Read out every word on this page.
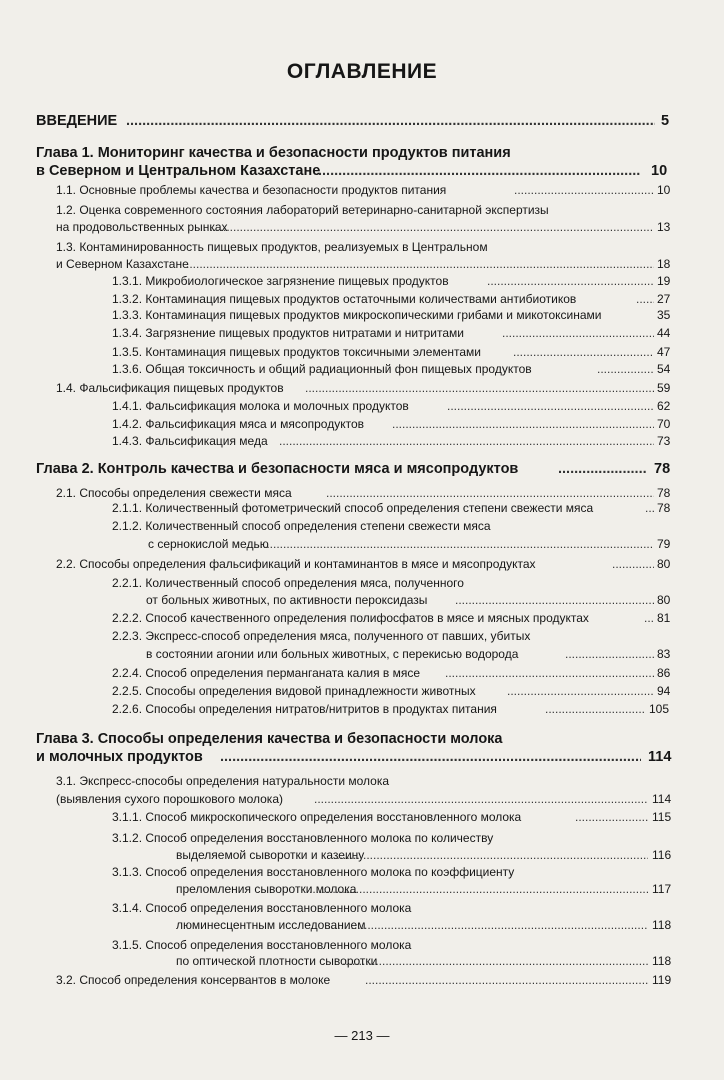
ОГЛАВЛЕНИЕ
ВВЕДЕНИЕ .....	5
Глава 1. Мониторинг качества и безопасности продуктов питания
в Северном и Центральном Казахстане .....	10
1.1. Основные проблемы качества и безопасности продуктов питания .....	10
1.2. Оценка современного состояния лабораторий ветеринарно-санитарной экспертизы
на продовольственных рынках .....	13
1.3. Контаминированность пищевых продуктов, реализуемых в Центральном
и Северном Казахстане .....	18
1.3.1. Микробиологическое загрязнение пищевых продуктов .....	19
1.3.2. Контаминация пищевых продуктов остаточными количествами антибиотиков .....	27
1.3.3. Контаминация пищевых продуктов микроскопическими грибами и микотоксинами	35
1.3.4. Загрязнение пищевых продуктов нитратами и нитритами .....	44
1.3.5. Контаминация пищевых продуктов токсичными элементами .....	47
1.3.6. Общая токсичность и общий радиационный фон пищевых продуктов .....	54
1.4. Фальсификация пищевых продуктов .....	59
1.4.1. Фальсификация молока и молочных продуктов .....	62
1.4.2. Фальсификация мяса и мясопродуктов .....	70
1.4.3. Фальсификация меда .....	73
Глава 2. Контроль качества и безопасности мяса и мясопродуктов .....	78
2.1. Способы определения свежести мяса .....	78
2.1.1. Количественный фотометрический способ определения степени свежести мяса .....	78
2.1.2. Количественный способ определения степени свежести мяса
с сернокислой медью .....	79
2.2. Способы определения фальсификаций и контаминантов в мясе и мясопродуктах .....	80
2.2.1. Количественный способ определения мяса, полученного
от больных животных, по активности пероксидазы .....	80
2.2.2. Способ качественного определения полифосфатов в мясе и мясных продуктах .....	81
2.2.3. Экспресс-способ определения мяса, полученного от павших, убитых
в состоянии агонии или больных животных, с перекисью водорода .....	83
2.2.4. Способ определения перманганата калия в мясе .....	86
2.2.5. Способы определения видовой принадлежности животных .....	94
2.2.6. Способы определения нитратов/нитритов в продуктах питания .....	105
Глава 3. Способы определения качества и безопасности молока
и молочных продуктов .....	114
3.1. Экспресс-способы определения натуральности молока
(выявления сухого порошкового молока) .....	114
3.1.1. Способ микроскопического определения восстановленного молока .....	115
3.1.2. Способ определения восстановленного молока по количеству
выделяемой сыворотки и казеину .....	116
3.1.3. Способ определения восстановленного молока по коэффициенту
преломления сыворотки молока .....	117
3.1.4. Способ определения восстановленного молока
люминесцентным исследованием .....	118
3.1.5. Способ определения восстановленного молока
по оптической плотности сыворотки .....	118
3.2. Способ определения консервантов в молоке .....	119
— 213 —
